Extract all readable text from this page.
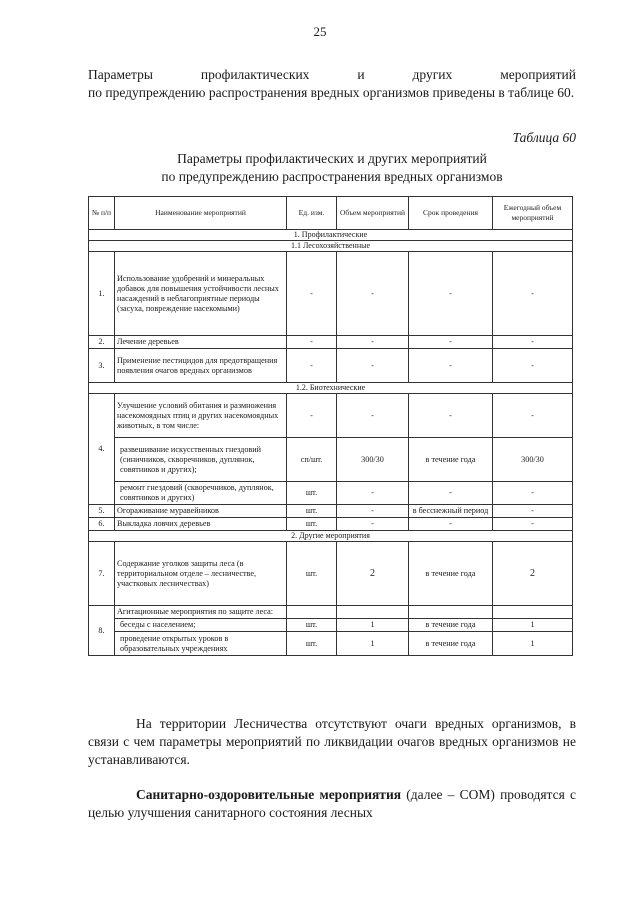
25
Параметры профилактических и других мероприятий
по предупреждению распространения вредных организмов приведены в таблице 60.
Таблица 60
Параметры профилактических и других мероприятий
по предупреждению распространения вредных организмов
№ п/п	Наименование мероприятий	Ед. изм.	Объем мероприятий	Срок проведения	Ежегодный объем мероприятий
1. Профилактические					
1.1 Лесохозяйственные					
1.	Использование удобрений и минеральных добавок для повышения устойчивости лесных насаждений в неблагоприятные периоды (засуха, повреждение насекомыми)	-	-	-	-
2.	Лечение деревьев	-	-	-	-
3.	Применение пестицидов для предотвращения появления очагов вредных организмов	-	-	-	-
1.2. Биотехнические					
4.	Улучшение условий обитания и размножения насекомоядных птиц и других насекомоядных животных, в том числе:	-	-	-	-
	развешивание искусственных гнездовий (синичников, скворечников, дуплянок, совятников и других);	сп/шт.	300/30	в течение года	300/30
	ремонт гнездовий (скворечников, дуплянок, совятников и других)	шт.	-	-	-
5.	Огораживание муравейников	шт.	-	в бесснежный период	-
6.	Выкладка ловчих деревьев	шт.	-	-	-
2. Другие мероприятия					
7.	Содержание уголков защиты леса (в территориальном отделе – лесничестве, участковых лесничествах)	шт.	2	в течение года	2
8.	Агитационные мероприятия по защите леса:				
	беседы с населением;	шт.	1	в течение года	1
	проведение открытых уроков в образовательных учреждениях	шт.	1	в течение года	1
На территории Лесничества отсутствуют очаги вредных организмов, в связи с чем параметры мероприятий по ликвидации очагов вредных организмов не устанавливаются.
Санитарно-оздоровительные мероприятия (далее – СОМ) проводятся с целью улучшения санитарного состояния лесных
